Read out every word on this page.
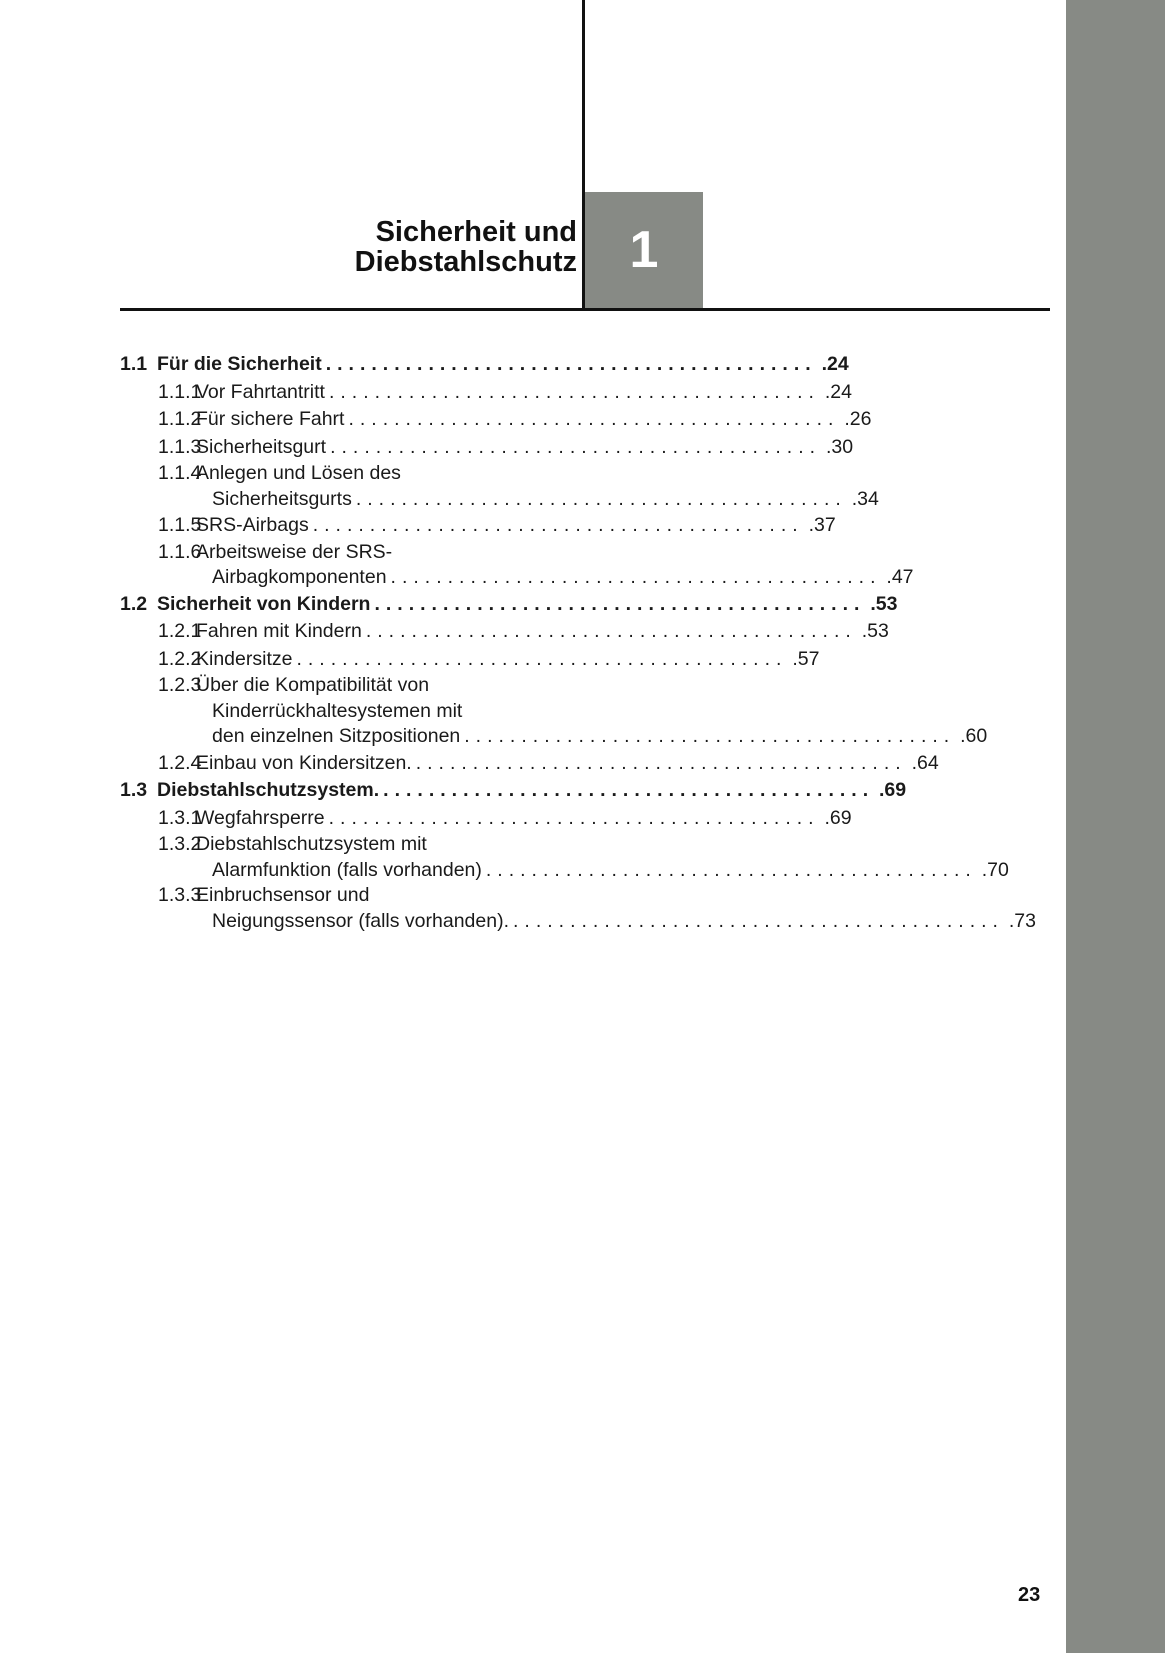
Sicherheit und
Diebstahlschutz 1
1.1 Für die Sicherheit ........................................... .24
1.1.1
Vor Fahrtantritt ........................................... .24
1.1.2
Für sichere Fahrt ........................................... .26
1.1.3
Sicherheitsgurt ........................................... .30
1.1.4
Anlegen und Lösen des
Sicherheitsgurts ........................................... .34
1.1.5
SRS-Airbags ........................................... .37
1.1.6
Arbeitsweise der SRS-
Airbagkomponenten ........................................... .47
1.2 Sicherheit von Kindern ........................................... .53
1.2.1
Fahren mit Kindern ........................................... .53
1.2.2
Kindersitze ........................................... .57
1.2.3
Über die Kompatibilität von
Kinderrückhaltesystemen mit
den einzelnen Sitzpositionen ........................................... .60
1.2.4
Einbau von Kindersitzen. ........................................... .64
1.3 Diebstahlschutzsystem. ........................................... .69
1.3.1
Wegfahrsperre ........................................... .69
1.3.2
Diebstahlschutzsystem mit
Alarmfunktion (falls vorhanden) ........................................... .70
1.3.3
Einbruchsensor und
Neigungssensor (falls vorhanden). ........................................... .73
23
